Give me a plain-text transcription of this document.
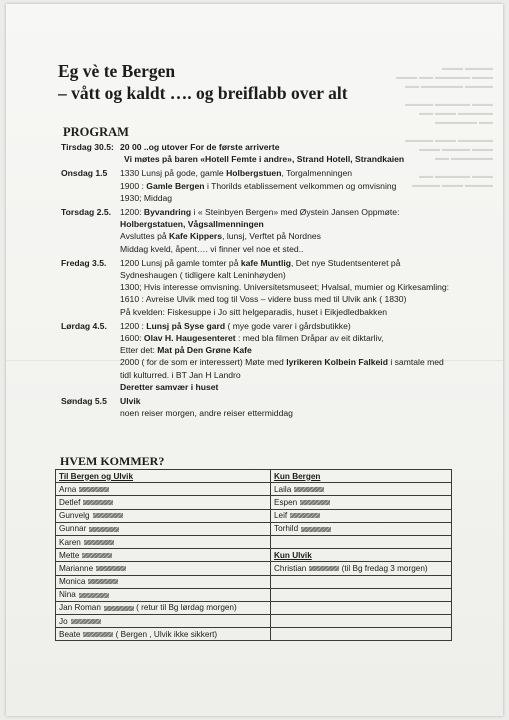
▬▬▬▬ ▬▬▬
▬▬▬ ▬▬▬▬▬ ▬▬ ▬▬▬
▬▬▬▬ ▬▬▬▬▬▬ ▬▬

▬▬▬ ▬▬▬▬▬ ▬▬▬▬
▬▬▬▬▬ ▬▬▬ ▬▬
▬▬ ▬▬▬▬▬▬

▬▬▬▬▬ ▬▬▬ ▬▬▬▬
▬▬▬ ▬▬▬▬ ▬▬▬
▬▬▬▬▬▬ ▬▬

▬▬▬ ▬▬▬▬▬ ▬▬
▬▬▬▬ ▬▬▬ ▬▬▬▬
Eg vè te Bergen
– vått og kaldt …. og breiflabb over alt
PROGRAM
Tirsdag 30.5: 20 00 ..og utover For de første arriverte
Vi møtes på baren «Hotell Femte i andre», Strand Hotell, Strandkaien
Onsdag 1.5	1330 Lunsj på gode, gamle Holbergstuen, Torgalmenningen
1900 : Gamle Bergen i Thorilds etablissement velkommen og omvisning
1930; Middag
Torsdag 2.5.	1200: Byvandring i « Steinbyen Bergen» med Øystein Jansen Oppmøte:
Holbergstatuen, Vågsallmenningen
Avsluttes på Kafe Kippers, lunsj, Verftet på Nordnes
Middag kveld, åpent…. vi finner vel noe et sted..
Fredag 3.5.	1200 Lunsj på gamle tomter på kafe Muntlig, Det nye Studentsenteret på
Sydneshaugen ( tidligere kalt Leninhøyden)
1300; Hvis interesse omvisning. Universitetsmuseet; Hvalsal, mumier og Kirkesamling:
1610 : Avreise Ulvik med tog til Voss – videre buss med til Ulvik ank ( 1830)
På kvelden: Fiskesuppe i Jo sitt helgeparadis, huset i Eikjedledbakken
Lørdag 4.5.	1200 : Lunsj på Syse gard ( mye gode varer i gårdsbutikke)
1600: Olav H. Haugesenteret : med bla filmen Dråpar av eit diktarliv,
Etter det: Mat på Den Grøne Kafe
2000 ( for de som er interessert) Møte med lyrikeren Kolbein Falkeid i samtale med
tidl kulturred. i BT Jan H Landro
Deretter samvær i huset
Søndag 5.5	Ulvik
noen reiser morgen, andre reiser ettermiddag
HVEM KOMMER?
Til Bergen og Ulvik	Kun Bergen
Arna	Laila
Detlef	Espen
Gunvelg	Leif
Gunnar	Torhild
Karen	
Mette	Kun Ulvik
Marianne	Christian (til Bg fredag 3 morgen)
Monica	
Nina	
Jan Roman ( retur til Bg lørdag morgen)	
Jo	
Beate ( Bergen , Ulvik ikke sikkert)	
